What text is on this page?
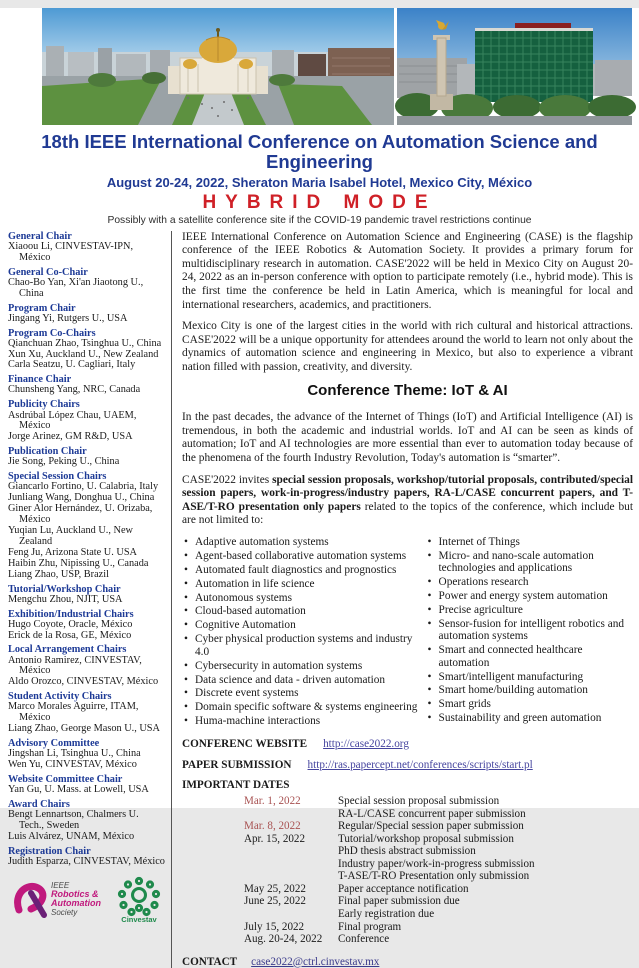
18th IEEE International Conference on Automation Science and Engineering
August 20-24, 2022, Sheraton Maria Isabel Hotel, Mexico City, México
HYBRID MODE
Possibly with a satellite conference site if the COVID-19 pandemic travel restrictions continue
General Chair
Xiaoou Li, CINVESTAV-IPN, México
General Co-Chair
Chao-Bo Yan, Xi'an Jiaotong U., China
Program Chair
Jingang Yi, Rutgers U., USA
Program Co-Chairs
Qianchuan Zhao, Tsinghua U., China
Xun Xu, Auckland U., New Zealand
Carla Seatzu, U. Cagliari, Italy
Finance Chair
Chunsheng Yang, NRC, Canada
Publicity Chairs
Asdrúbal López Chau, UAEM, México
Jorge Arinez, GM R&D, USA
Publication Chair
Jie Song, Peking U., China
Special Session Chairs
Giancarlo Fortino, U. Calabria, Italy
Junliang Wang, Donghua U., China
Giner Alor Hernández, U. Orizaba, México
Yuqian Lu, Auckland U., New Zealand
Feng Ju, Arizona State U. USA
Haibin Zhu, Nipissing U., Canada
Liang Zhao, USP, Brazil
Tutorial/Workshop Chair
Mengchu Zhou, NJIT, USA
Exhibition/Industrial Chairs
Hugo Coyote, Oracle, México
Erick de la Rosa, GE, México
Local Arrangement Chairs
Antonio Ramirez, CINVESTAV, México
Aldo Orozco, CINVESTAV, México
Student Activity Chairs
Marco Morales Aguirre, ITAM, México
Liang Zhao, George Mason U., USA
Advisory Committee
Jingshan Li, Tsinghua U., China
Wen Yu, CINVESTAV, México
Website Committee Chair
Yan Gu, U. Mass. at Lowell, USA
Award Chairs
Bengt Lennartson, Chalmers U. Tech., Sweden
Luis Alvárez, UNAM, México
Registration Chair
Judith Esparza, CINVESTAV, México
IEEE
Robotics &
Automation
Society
Cinvestav

IEEE International Conference on Automation Science and Engineering (CASE) is the flagship conference of the IEEE Robotics & Automation Society. It provides a primary forum for multidisciplinary research in automation. CASE'2022 will be held in Mexico City on August 20-24, 2022 as an in-person conference with option to participate remotely (i.e., hybrid mode). This is the first time the conference be held in Latin America, which is meaningful for local and international researchers, academics, and practitioners.

Mexico City is one of the largest cities in the world with rich cultural and historical attractions. CASE'2022 will be a unique opportunity for attendees around the world to learn not only about the dynamics of automation science and engineering in Mexico, but also to experience a vibrant nation filled with passion, creativity, and diversity.

Conference Theme: IoT & AI

In the past decades, the advance of the Internet of Things (IoT) and Artificial Intelligence (AI) is tremendous, in both the academic and industrial worlds. IoT and AI can be seen as kinds of automation; IoT and AI technologies are more essential than ever to automation today because of the phenomena of the fourth Industry Revolution, Today's automation is “smarter”.

CASE'2022 invites special session proposals, workshop/tutorial proposals, contributed/special session papers, work-in-progress/industry papers, RA-L/CASE concurrent papers, and T-ASE/T-RO presentation only papers related to the topics of the conference, which include but are not limited to:

• Adaptive automation systems
• Agent-based collaborative automation systems
• Automated fault diagnostics and prognostics
• Automation in life science
• Autonomous systems
• Cloud-based automation
• Cognitive Automation
• Cyber physical production systems and industry 4.0
• Cybersecurity in automation systems
• Data science and data - driven automation
• Discrete event systems
• Domain specific software & systems engineering
• Huma-machine interactions
• Internet of Things
• Micro- and nano-scale automation technologies and applications
• Operations research
• Power and energy system automation
• Precise agriculture
• Sensor-fusion for intelligent robotics and automation systems
• Smart and connected healthcare automation
• Smart/intelligent manufacturing
• Smart home/building automation
• Smart grids
• Sustainability and green automation
CONFERENC WEBSITE http://case2022.org
PAPER SUBMISSION http://ras.papercept.net/conferences/scripts/start.pl
IMPORTANT DATES
Mar. 1, 2022	Special session proposal submission
RA-L/CASE concurrent paper submission
Mar. 8, 2022	Regular/Special session paper submission
Apr. 15, 2022	Tutorial/workshop proposal submission
PhD thesis abstract submission
Industry paper/work-in-progress submission
T-ASE/T-RO Presentation only submission
May 25, 2022	Paper acceptance notification
June 25, 2022	Final paper submission due
Early registration due
July 15, 2022	Final program
Aug. 20-24, 2022	Conference
CONTACT case2022@ctrl.cinvestav.mx
